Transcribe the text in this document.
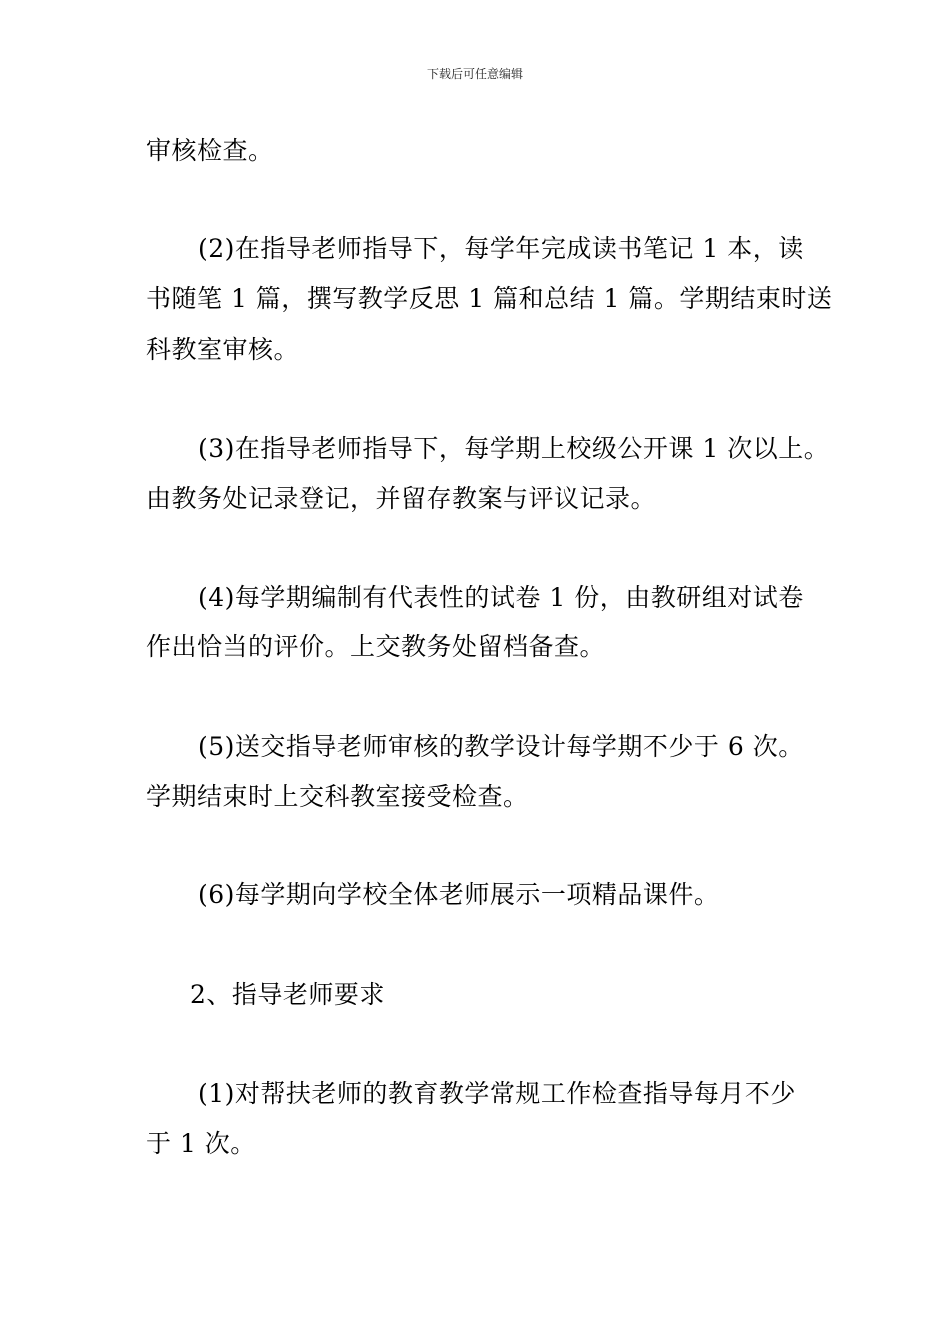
下载后可任意编辑
审核检查。
(2)在指导老师指导下，每学年完成读书笔记 1 本，读
书随笔 1 篇，撰写教学反思 1 篇和总结 1 篇。学期结束时送
科教室审核。
(3)在指导老师指导下，每学期上校级公开课 1 次以上。
由教务处记录登记，并留存教案与评议记录。
(4)每学期编制有代表性的试卷 1 份，由教研组对试卷
作出恰当的评价。上交教务处留档备查。
(5)送交指导老师审核的教学设计每学期不少于 6 次。
学期结束时上交科教室接受检查。
(6)每学期向学校全体老师展示一项精品课件。
2、指导老师要求
(1)对帮扶老师的教育教学常规工作检查指导每月不少
于 1 次。
